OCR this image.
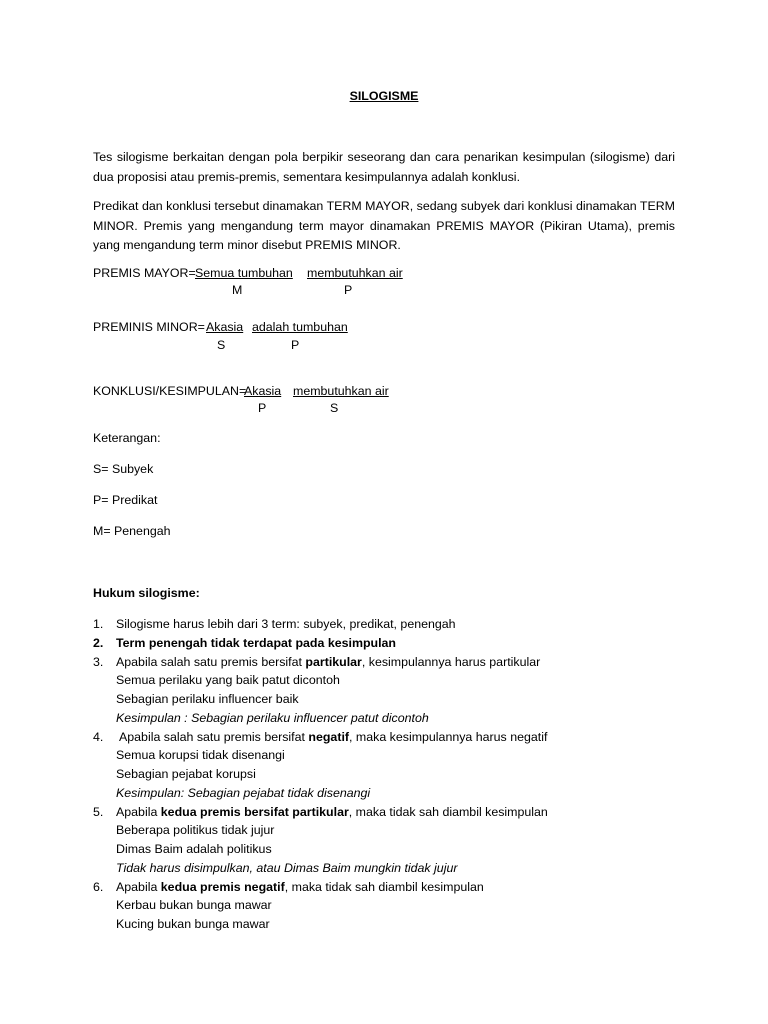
SILOGISME
Tes silogisme berkaitan dengan pola berpikir seseorang dan cara penarikan kesimpulan (silogisme) dari dua proposisi atau premis-premis, sementara kesimpulannya adalah konklusi.
Predikat dan konklusi tersebut dinamakan TERM MAYOR, sedang subyek dari konklusi dinamakan TERM MINOR. Premis yang mengandung term mayor dinamakan PREMIS MAYOR (Pikiran Utama), premis yang mengandung term minor disebut PREMIS MINOR.
PREMIS MAYOR= Semua tumbuhan membutuhkan air
M	P
PREMINIS MINOR= Akasia adalah tumbuhan
S	P
KONKLUSI/KESIMPULAN=
Akasia membutuhkan air
P	S
Keterangan:
S= Subyek
P= Predikat
M= Penengah
Hukum silogisme:
1. Silogisme harus lebih dari 3 term: subyek, predikat, penengah
2. Term penengah tidak terdapat pada kesimpulan
3. Apabila salah satu premis bersifat partikular, kesimpulannya harus partikular
Semua perilaku yang baik patut dicontoh
Sebagian perilaku influencer baik
Kesimpulan : Sebagian perilaku influencer patut dicontoh
4. Apabila salah satu premis bersifat negatif, maka kesimpulannya harus negatif
Semua korupsi tidak disenangi
Sebagian pejabat korupsi
Kesimpulan: Sebagian pejabat tidak disenangi
5. Apabila kedua premis bersifat partikular, maka tidak sah diambil kesimpulan
Beberapa politikus tidak jujur
Dimas Baim adalah politikus
Tidak harus disimpulkan, atau Dimas Baim mungkin tidak jujur
6. Apabila kedua premis negatif, maka tidak sah diambil kesimpulan
Kerbau bukan bunga mawar
Kucing bukan bunga mawar
